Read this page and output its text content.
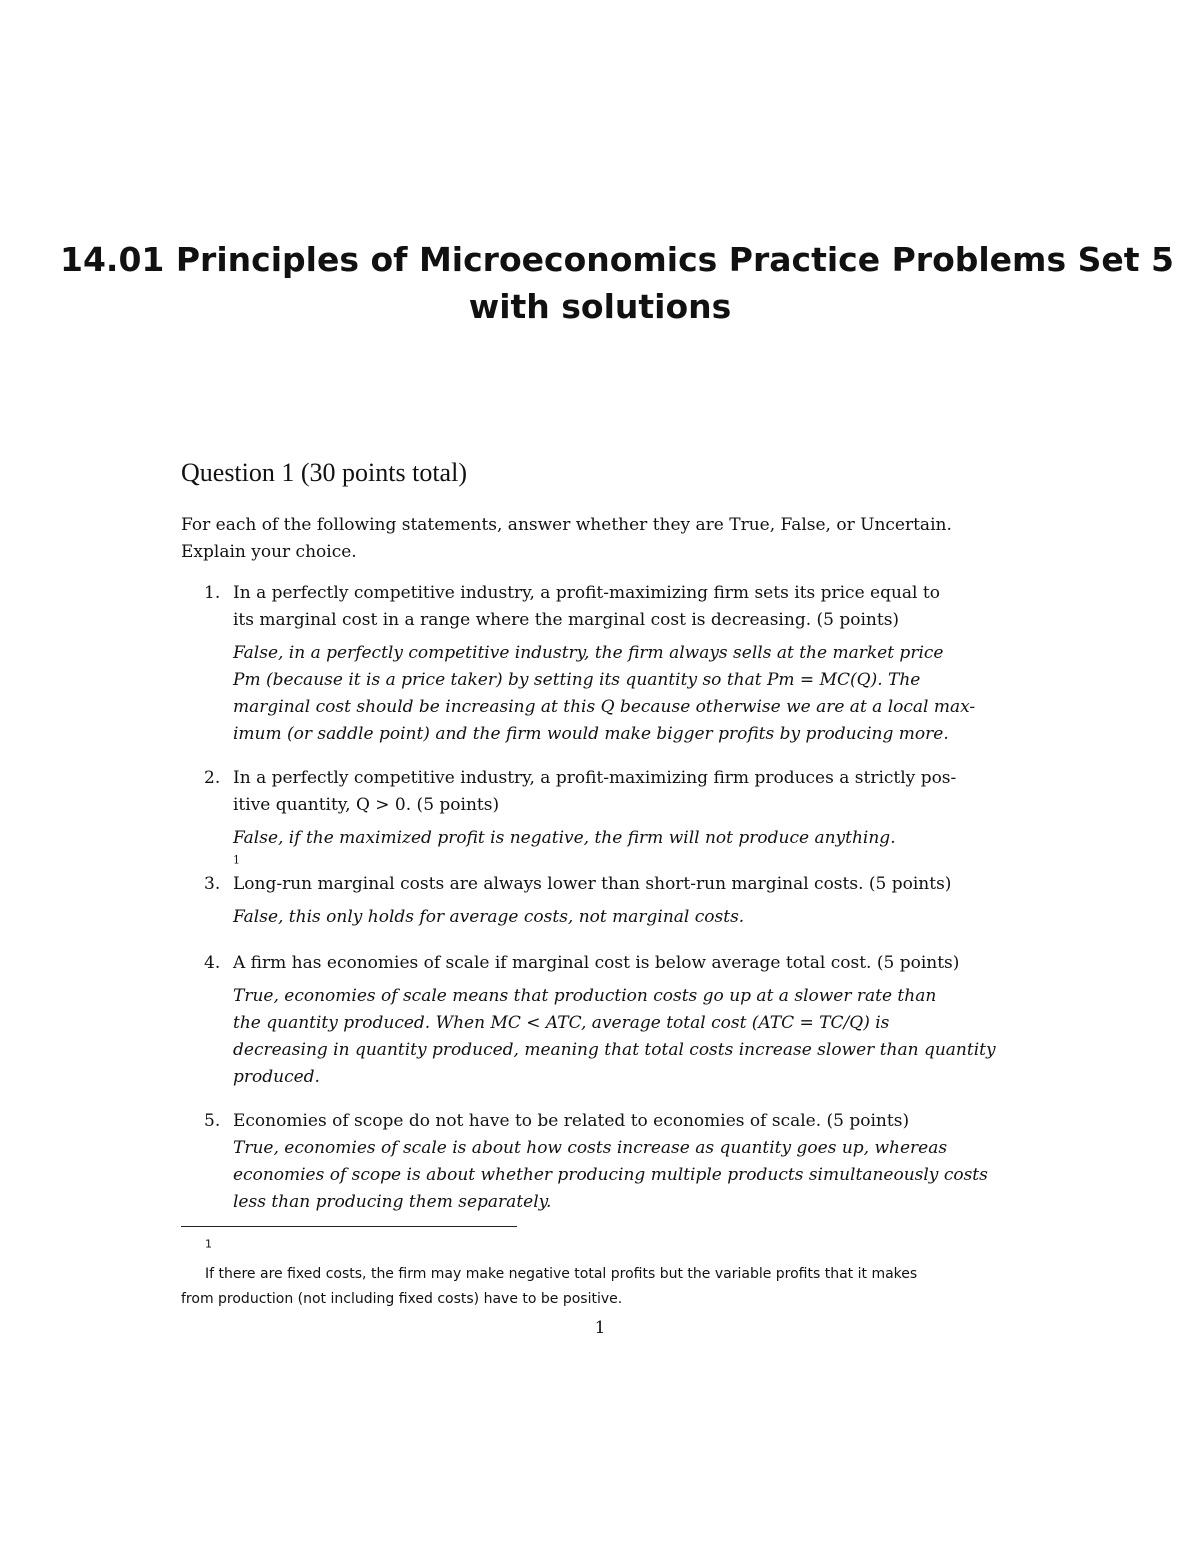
14.01 Principles of Microeconomics Practice Problems Set 5
with solutions
Question 1 (30 points total)
For each of the following statements, answer whether they are True, False, or Uncertain.
Explain your choice.
1. In a perfectly competitive industry, a profit-maximizing firm sets its price equal to
its marginal cost in a range where the marginal cost is decreasing. (5 points)
False, in a perfectly competitive industry, the firm always sells at the market price
Pm (because it is a price taker) by setting its quantity so that Pm = MC(Q). The
marginal cost should be increasing at this Q because otherwise we are at a local max-
imum (or saddle point) and the firm would make bigger profits by producing more.
2. In a perfectly competitive industry, a profit-maximizing firm produces a strictly pos-
itive quantity, Q > 0. (5 points)
False, if the maximized profit is negative, the firm will not produce anything.
$^1$
3. Long-run marginal costs are always lower than short-run marginal costs. (5 points)
False, this only holds for average costs, not marginal costs.
4. A firm has economies of scale if marginal cost is below average total cost. (5 points)
True, economies of scale means that production costs go up at a slower rate than
the quantity produced. When MC < ATC, average total cost (ATC = TC/Q) is
decreasing in quantity produced, meaning that total costs increase slower than quantity
produced.
5. Economies of scope do not have to be related to economies of scale. (5 points)
True, economies of scale is about how costs increase as quantity goes up, whereas
economies of scope is about whether producing multiple products simultaneously costs
less than producing them separately.
$^1$
If there are fixed costs, the firm may make negative total profits but the variable profits that it makes
from production (not including fixed costs) have to be positive.
1
